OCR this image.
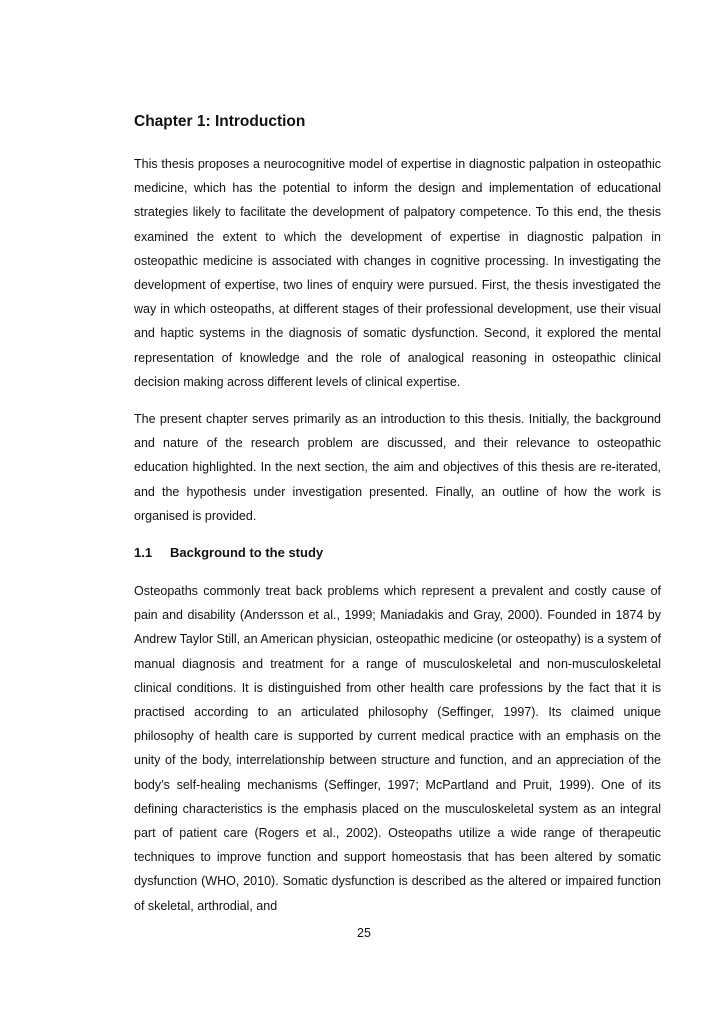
Chapter 1: Introduction

This thesis proposes a neurocognitive model of expertise in diagnostic palpation in osteopathic medicine, which has the potential to inform the design and implementation of educational strategies likely to facilitate the development of palpatory competence. To this end, the thesis examined the extent to which the development of expertise in diagnostic palpation in osteopathic medicine is associated with changes in cognitive processing. In investigating the development of expertise, two lines of enquiry were pursued. First, the thesis investigated the way in which osteopaths, at different stages of their professional development, use their visual and haptic systems in the diagnosis of somatic dysfunction. Second, it explored the mental representation of knowledge and the role of analogical reasoning in osteopathic clinical decision making across different levels of clinical expertise.

The present chapter serves primarily as an introduction to this thesis. Initially, the background and nature of the research problem are discussed, and their relevance to osteopathic education highlighted. In the next section, the aim and objectives of this thesis are re-iterated, and the hypothesis under investigation presented. Finally, an outline of how the work is organised is provided.

1.1 Background to the study

Osteopaths commonly treat back problems which represent a prevalent and costly cause of pain and disability (Andersson et al., 1999; Maniadakis and Gray, 2000). Founded in 1874 by Andrew Taylor Still, an American physician, osteopathic medicine (or osteopathy) is a system of manual diagnosis and treatment for a range of musculoskeletal and non-musculoskeletal clinical conditions. It is distinguished from other health care professions by the fact that it is practised according to an articulated philosophy (Seffinger, 1997). Its claimed unique philosophy of health care is supported by current medical practice with an emphasis on the unity of the body, interrelationship between structure and function, and an appreciation of the body’s self-healing mechanisms (Seffinger, 1997; McPartland and Pruit, 1999). One of its defining characteristics is the emphasis placed on the musculoskeletal system as an integral part of patient care (Rogers et al., 2002). Osteopaths utilize a wide range of therapeutic techniques to improve function and support homeostasis that has been altered by somatic dysfunction (WHO, 2010). Somatic dysfunction is described as the altered or impaired function of skeletal, arthrodial, and

25
